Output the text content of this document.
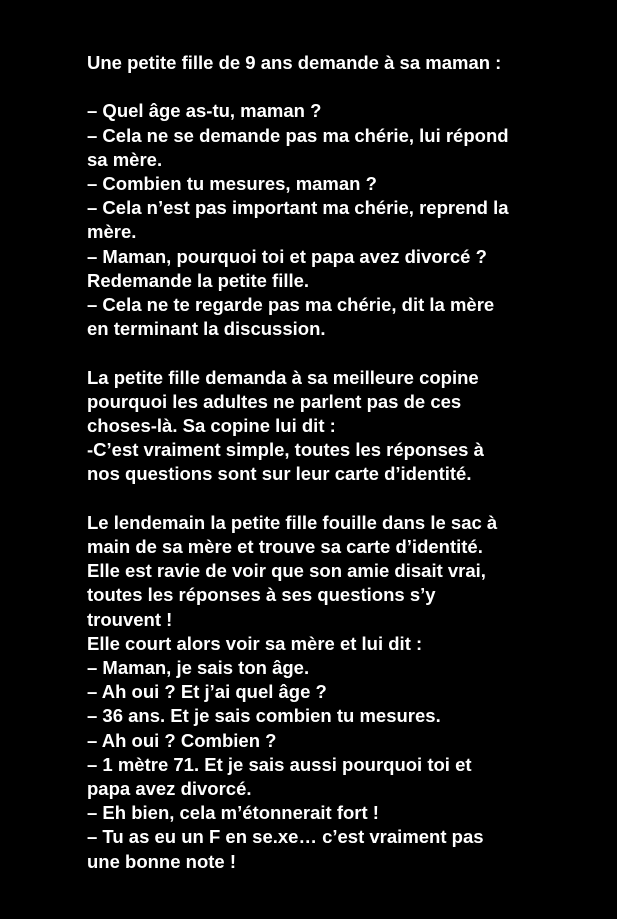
Une petite fille de 9 ans demande à sa maman :
– Quel âge as-tu, maman ?
– Cela ne se demande pas ma chérie, lui répond
sa mère.
– Combien tu mesures, maman ?
– Cela n’est pas important ma chérie, reprend la
mère.
– Maman, pourquoi toi et papa avez divorcé ?
Redemande la petite fille.
– Cela ne te regarde pas ma chérie, dit la mère
en terminant la discussion.
La petite fille demanda à sa meilleure copine
pourquoi les adultes ne parlent pas de ces
choses-là. Sa copine lui dit :
-C’est vraiment simple, toutes les réponses à
nos questions sont sur leur carte d’identité.
Le lendemain la petite fille fouille dans le sac à
main de sa mère et trouve sa carte d’identité.
Elle est ravie de voir que son amie disait vrai,
toutes les réponses à ses questions s’y
trouvent !
Elle court alors voir sa mère et lui dit :
– Maman, je sais ton âge.
– Ah oui ? Et j’ai quel âge ?
– 36 ans. Et je sais combien tu mesures.
– Ah oui ? Combien ?
– 1 mètre 71. Et je sais aussi pourquoi toi et
papa avez divorcé.
– Eh bien, cela m’étonnerait fort !
– Tu as eu un F en se.xe… c’est vraiment pas
une bonne note !
